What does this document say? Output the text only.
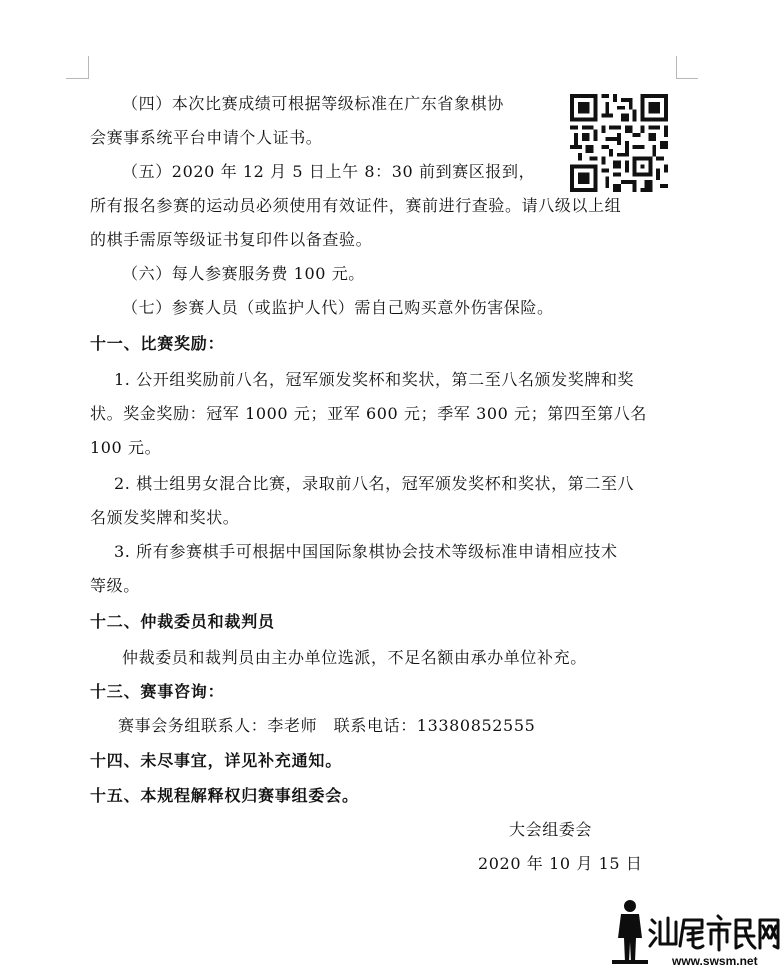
（四）本次比赛成绩可根据等级标准在广东省象棋协
会赛事系统平台申请个人证书。
（五）2020 年 12 月 5 日上午 8：30 前到赛区报到，
所有报名参赛的运动员必须使用有效证件，赛前进行查验。请八级以上组
的棋手需原等级证书复印件以备查验。
（六）每人参赛服务费 100 元。
（七）参赛人员（或监护人代）需自己购买意外伤害保险。
十一、比赛奖励：
1. 公开组奖励前八名，冠军颁发奖杯和奖状，第二至八名颁发奖牌和奖
状。奖金奖励：冠军 1000 元；亚军 600 元；季军 300 元；第四至第八名
100 元。
2. 棋士组男女混合比赛，录取前八名，冠军颁发奖杯和奖状，第二至八
名颁发奖牌和奖状。
3. 所有参赛棋手可根据中国国际象棋协会技术等级标准申请相应技术
等级。
十二、仲裁委员和裁判员
仲裁委员和裁判员由主办单位选派，不足名额由承办单位补充。
十三、赛事咨询：
赛事会务组联系人：李老师　联系电话：13380852555
十四、未尽事宜，详见补充通知。
十五、本规程解释权归赛事组委会。
大会组委会
2020 年 10 月 15 日
www.swsm.net
